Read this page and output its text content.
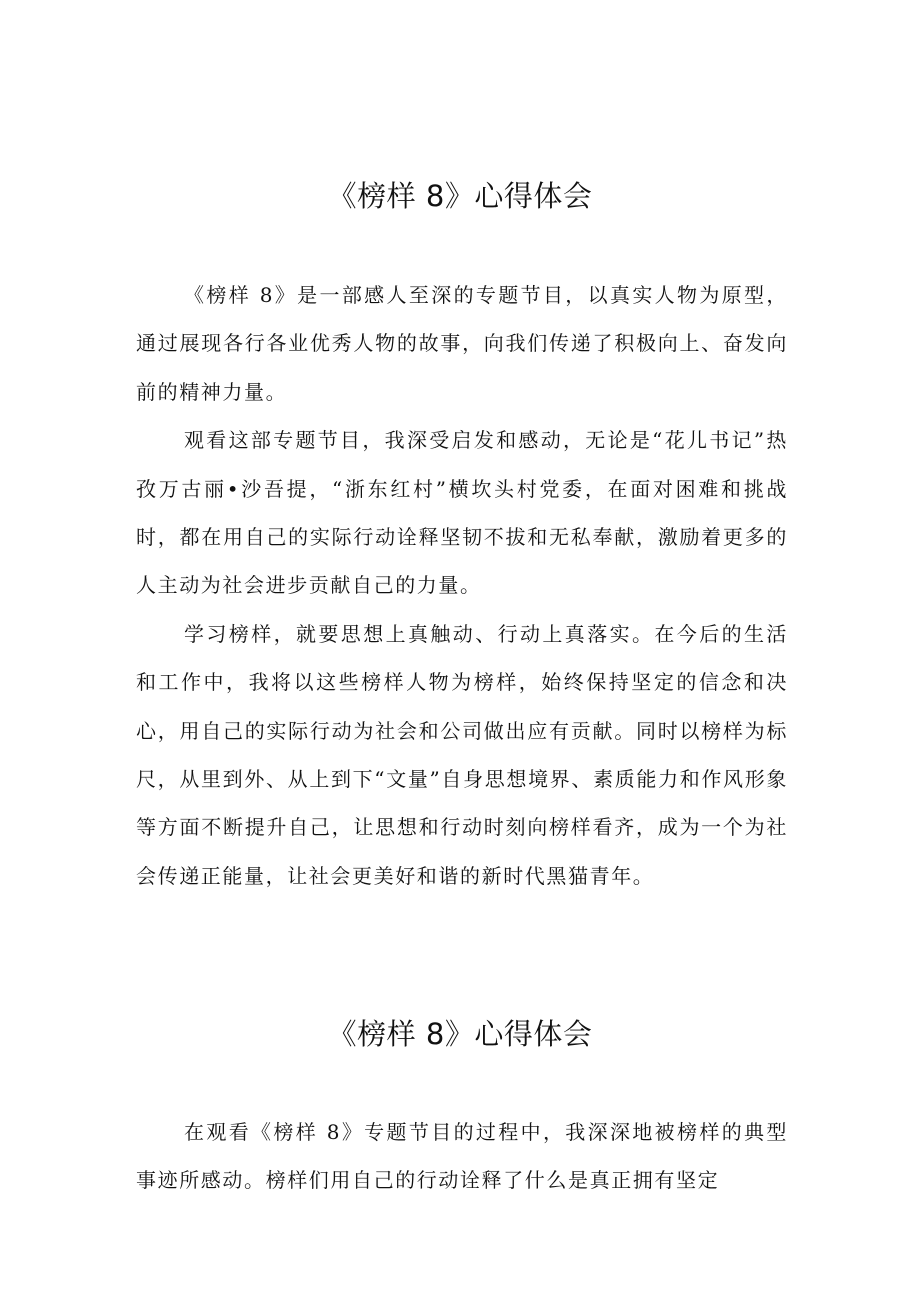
《榜样 8》心得体会

《榜样 8》是一部感人至深的专题节目，以真实人物为原型，通过展现各行各业优秀人物的故事，向我们传递了积极向上、奋发向前的精神力量。

观看这部专题节目，我深受启发和感动，无论是“花儿书记”热孜万古丽•沙吾提，“浙东红村”横坎头村党委，在面对困难和挑战时，都在用自己的实际行动诠释坚韧不拔和无私奉献，激励着更多的人主动为社会进步贡献自己的力量。

学习榜样，就要思想上真触动、行动上真落实。在今后的生活和工作中，我将以这些榜样人物为榜样，始终保持坚定的信念和决心，用自己的实际行动为社会和公司做出应有贡献。同时以榜样为标尺，从里到外、从上到下“文量”自身思想境界、素质能力和作风形象等方面不断提升自己，让思想和行动时刻向榜样看齐，成为一个为社会传递正能量，让社会更美好和谐的新时代黑猫青年。

《榜样 8》心得体会

在观看《榜样 8》专题节目的过程中，我深深地被榜样的典型事迹所感动。榜样们用自己的行动诠释了什么是真正拥有坚定
